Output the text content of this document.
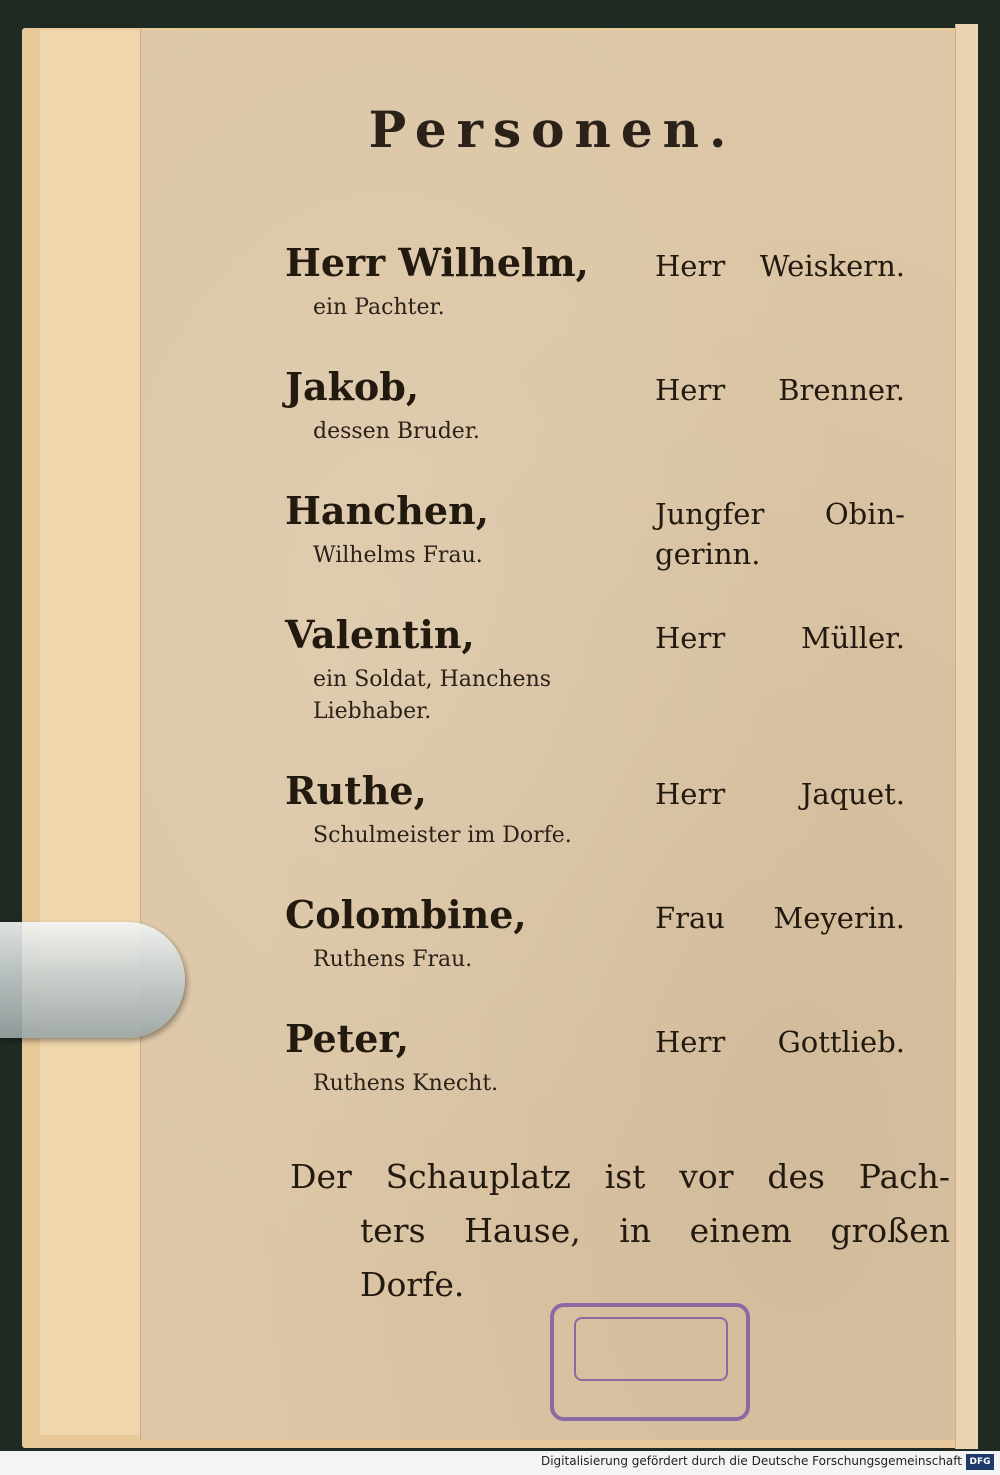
Personen.
Herr Wilhelm,
ein Pachter.
Herr Weiskern.
Jakob,
dessen Bruder.
Herr Brenner.
Hanchen,
Wilhelms Frau.
Jungfer Obin-gerinn.
Valentin,
ein Soldat, Hanchens Liebhaber.
Herr Müller.
Ruthe,
Schulmeister im Dorfe.
Herr Jaquet.
Colombine,
Ruthens Frau.
Frau Meyerin.
Peter,
Ruthens Knecht.
Herr Gottlieb.
Der Schauplatz ist vor des Pach-
ters Hause, in einem großen
Dorfe.
Digitalisierung gefördert durch die Deutsche Forschungsgemeinschaft DFG
